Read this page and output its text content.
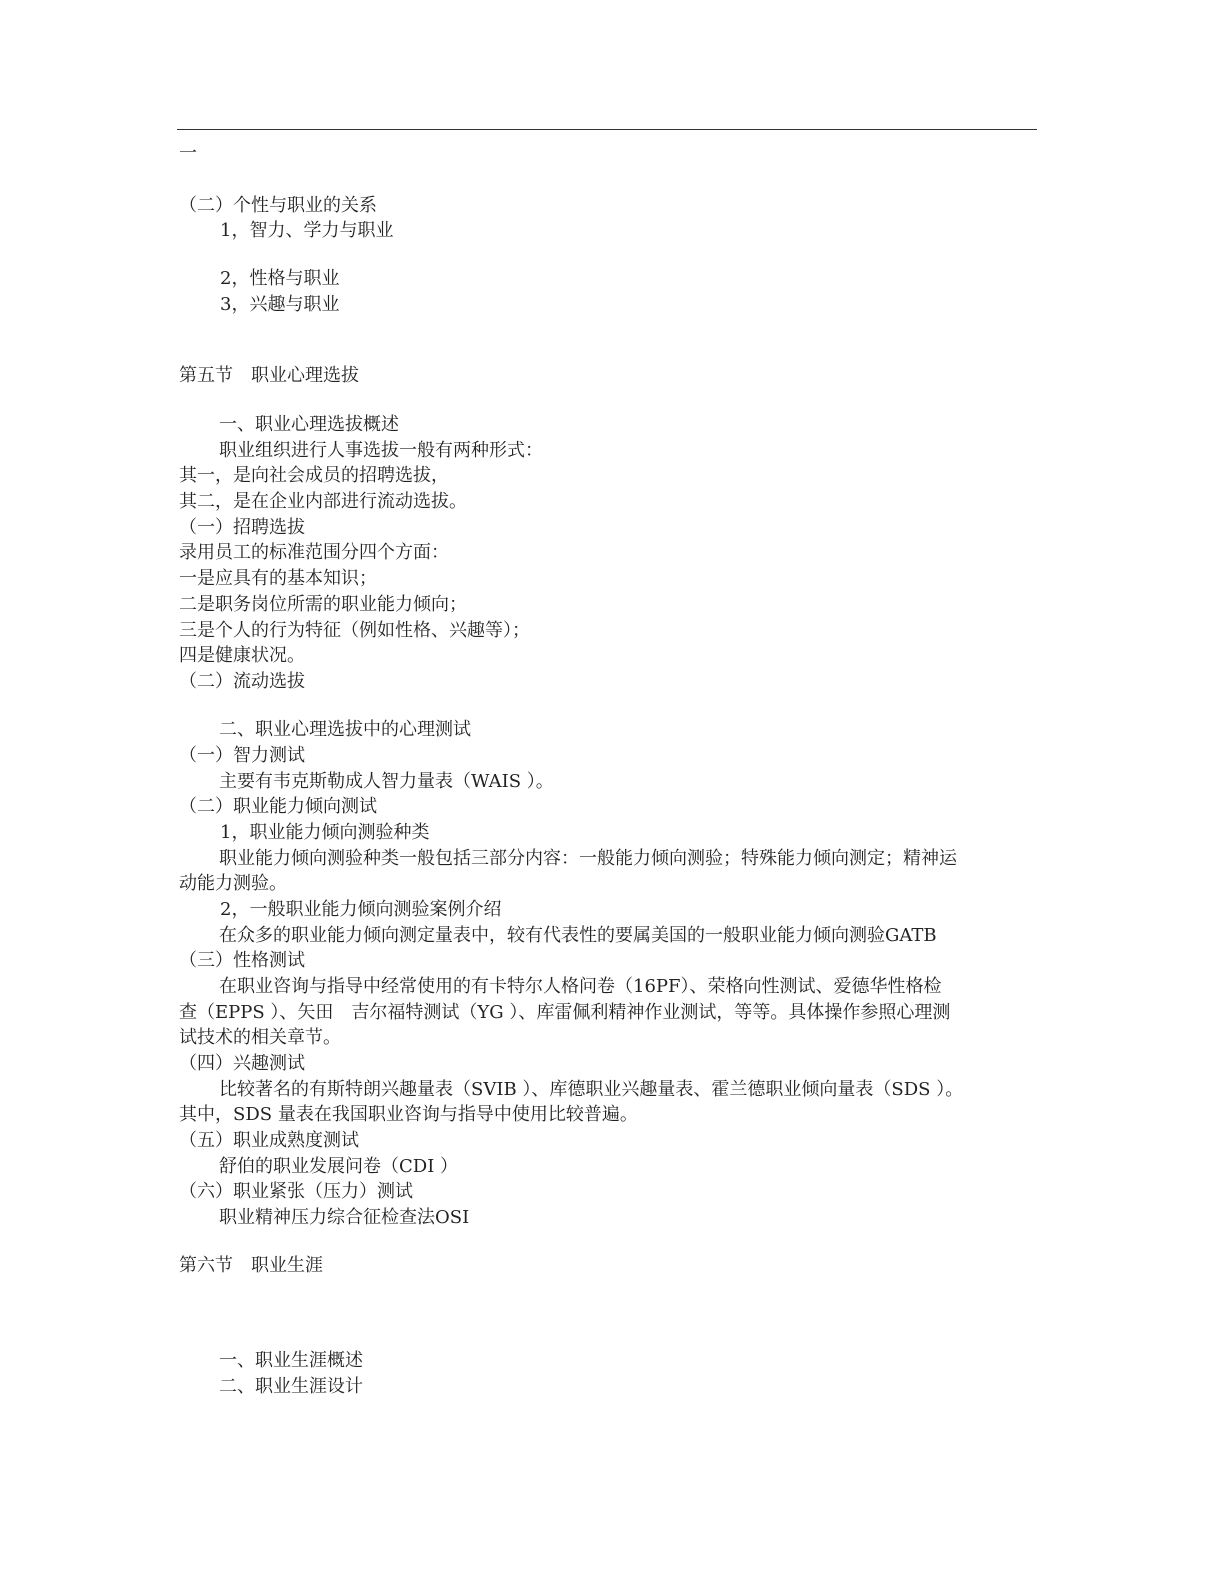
一
（二）个性与职业的关系
1，智力、学力与职业
2，性格与职业
3，兴趣与职业
第五节　职业心理选拔
一、职业心理选拔概述
职业组织进行人事选拔一般有两种形式：
其一，是向社会成员的招聘选拔，
其二，是在企业内部进行流动选拔。
（一）招聘选拔
录用员工的标准范围分四个方面：
一是应具有的基本知识；
二是职务岗位所需的职业能力倾向；
三是个人的行为特征（例如性格、兴趣等）；
四是健康状况。
（二）流动选拔
二、职业心理选拔中的心理测试
（一）智力测试
主要有韦克斯勒成人智力量表（WAIS ）。
（二）职业能力倾向测试
1，职业能力倾向测验种类
职业能力倾向测验种类一般包括三部分内容：一般能力倾向测验；特殊能力倾向测定；精神运
动能力测验。
2，一般职业能力倾向测验案例介绍
在众多的职业能力倾向测定量表中，较有代表性的要属美国的一般职业能力倾向测验GATB
（三）性格测试
在职业咨询与指导中经常使用的有卡特尔人格问卷（16PF）、荣格向性测试、爱德华性格检
查（EPPS ）、矢田　吉尔福特测试（YG ）、库雷佩利精神作业测试，等等。具体操作参照心理测
试技术的相关章节。
（四）兴趣测试
比较著名的有斯特朗兴趣量表（SVIB ）、库德职业兴趣量表、霍兰德职业倾向量表（SDS ）。
其中，SDS 量表在我国职业咨询与指导中使用比较普遍。
（五）职业成熟度测试
舒伯的职业发展问卷（CDI ）
（六）职业紧张（压力）测试
职业精神压力综合征检查法OSI
第六节　职业生涯
一、职业生涯概述
二、职业生涯设计
